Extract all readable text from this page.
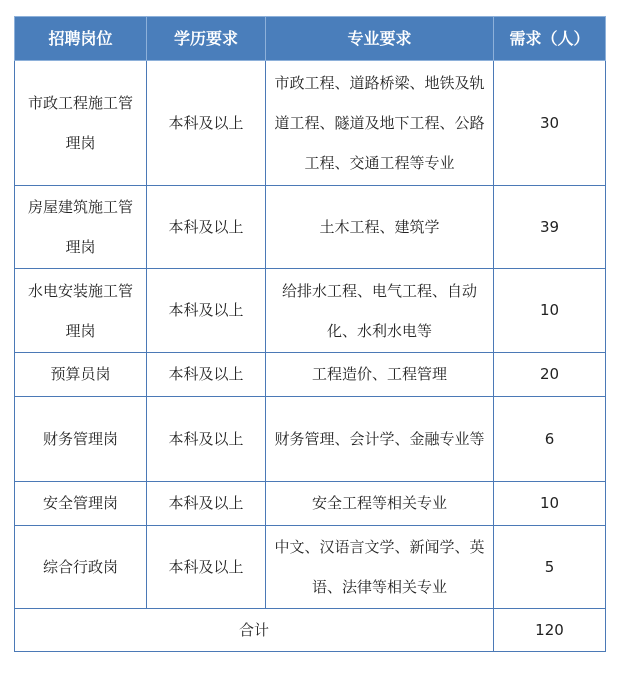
招聘岗位	学历要求	专业要求	需求（人）

市政工程施工管理岗	本科及以上	市政工程、道路桥梁、地铁及轨道工程、隧道及地下工程、公路工程、交通工程等专业	30

房屋建筑施工管理岗	本科及以上	土木工程、建筑学	39

水电安装施工管理岗	本科及以上	给排水工程、电气工程、自动化、水利水电等	10
预算员岗	本科及以上	工程造价、工程管理	20
财务管理岗	本科及以上	财务管理、会计学、金融专业等	6
安全管理岗	本科及以上	安全工程等相关专业	10
综合行政岗	本科及以上	中文、汉语言文学、新闻学、英语、法律等相关专业	5
合计			120
